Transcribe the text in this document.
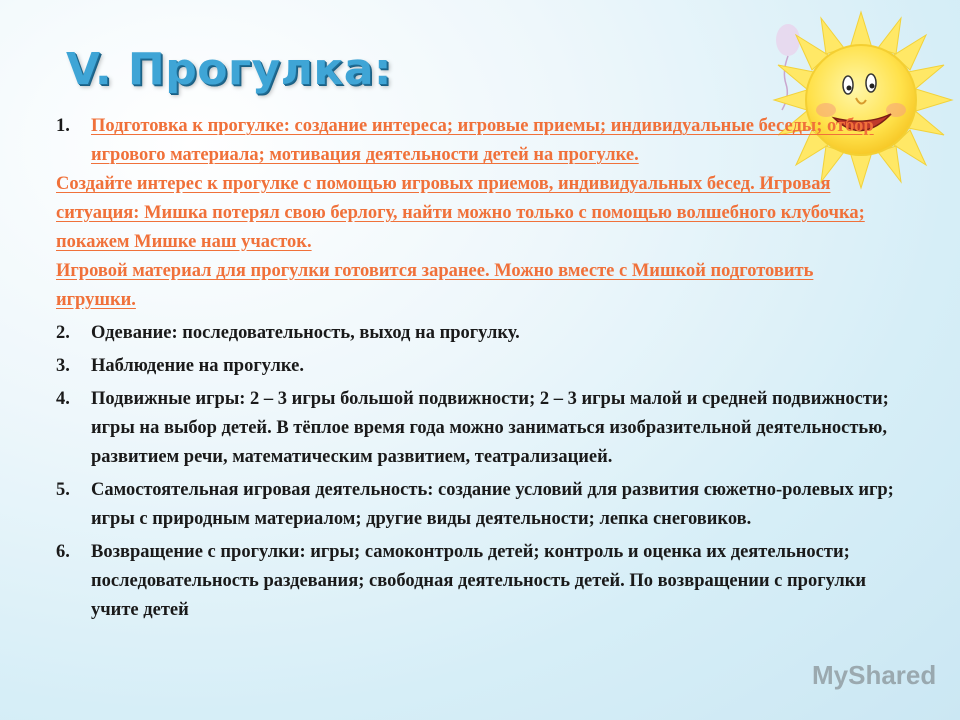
V. Прогулка:
1.	Подготовка к прогулке: создание интереса; игровые приемы; индивидуальные беседы; отбор игрового материала; мотивация деятельности детей на прогулке.
Создайте интерес к прогулке с помощью игровых приемов, индивидуальных бесед. Игровая ситуация: Мишка потерял свою берлогу, найти можно только с помощью волшебного клубочка; покажем Мишке наш участок.
Игровой материал для прогулки готовится заранее. Можно вместе с Мишкой подготовить игрушки.
2.	Одевание: последовательность, выход на прогулку.
3.	Наблюдение на прогулке.
4.	Подвижные игры: 2 – 3 игры большой подвижности; 2 – 3 игры малой и средней подвижности; игры на выбор детей. В тёплое время года можно заниматься изобразительной деятельностью, развитием речи, математическим развитием, театрализацией.
5.	Самостоятельная игровая деятельность: создание условий для развития сюжетно-ролевых игр; игры с природным материалом; другие виды деятельности; лепка снеговиков.
6.	Возвращение с прогулки: игры; самоконтроль детей; контроль и оценка их деятельности; последовательность раздевания; свободная деятельность детей. По возвращении с прогулки учите детей
MyShared
